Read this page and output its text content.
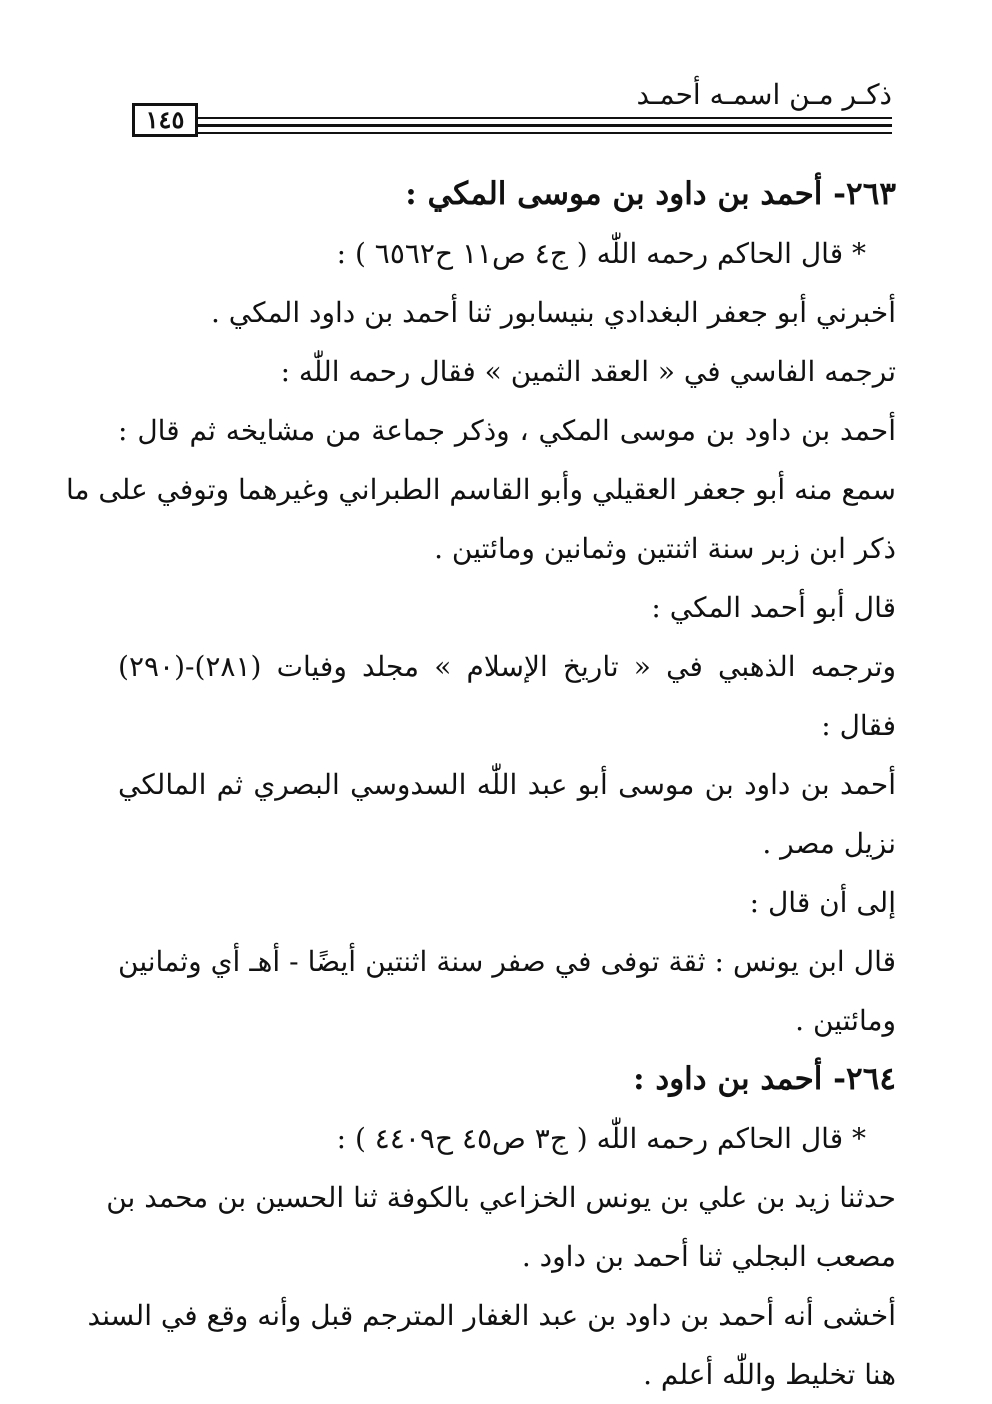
ذكـر مـن اسمـه أحمـد
١٤٥
٢٦٣- أحمد بن داود بن موسى المكي :
* قال الحاكم رحمه اللّٰه ( ج٤ ص١١ ح٦٥٦٢ ) :
أخبرني أبو جعفر البغدادي بنيسابور ثنا أحمد بن داود المكي .
ترجمه الفاسي في « العقد الثمين » فقال رحمه اللّٰه :
أحمد بن داود بن موسى المكي ، وذكر جماعة من مشايخه ثم قال :
سمع منه أبو جعفر العقيلي وأبو القاسم الطبراني وغيرهما وتوفي على ما
ذكر ابن زبر سنة اثنتين وثمانين ومائتين .
قال أبو أحمد المكي :
وترجمه الذهبي في « تاريخ الإسلام » مجلد وفيات (٢٨١)-(٢٩٠)
فقال :
أحمد بن داود بن موسى أبو عبد اللّٰه السدوسي البصري ثم المالكي
نزيل مصر .
إلى أن قال :
قال ابن يونس : ثقة توفى في صفر سنة اثنتين أيضًا - أهـ أي وثمانين
ومائتين .
٢٦٤- أحمد بن داود :
* قال الحاكم رحمه اللّٰه ( ج٣ ص٤٥ ح٤٤٠٩ ) :
حدثنا زيد بن علي بن يونس الخزاعي بالكوفة ثنا الحسين بن محمد بن
مصعب البجلي ثنا أحمد بن داود .
أخشى أنه أحمد بن داود بن عبد الغفار المترجم قبل وأنه وقع في السند
هنا تخليط واللّٰه أعلم .
